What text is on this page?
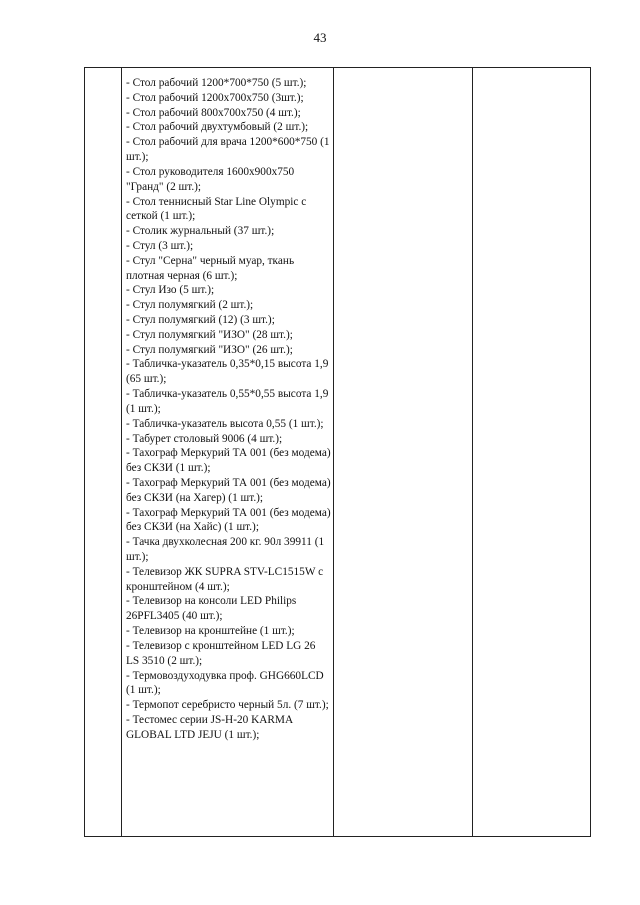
43

- Стол рабочий 1200*700*750 (5 шт.);
- Стол рабочий 1200х700х750 (3шт.);
- Стол рабочий 800х700х750 (4 шт.);
- Стол рабочий двухтумбовый (2 шт.);
- Стол рабочий для врача 1200*600*750 (1 шт.);
- Стол руководителя 1600х900х750 "Гранд" (2 шт.);
- Стол теннисный Star Line Olympic с сеткой (1 шт.);
- Столик журнальный (37 шт.);
- Стул (3 шт.);
- Стул "Серна" черный муар, ткань плотная черная (6 шт.);
- Стул Изо (5 шт.);
- Стул полумягкий (2 шт.);
- Стул полумягкий (12) (3 шт.);
- Стул полумягкий "ИЗО" (28 шт.);
- Стул полумягкий "ИЗО" (26 шт.);
- Табличка-указатель 0,35*0,15 высота 1,9 (65 шт.);
- Табличка-указатель 0,55*0,55 высота 1,9 (1 шт.);
- Табличка-указатель высота 0,55 (1 шт.);
- Табурет столовый 9006 (4 шт.);
- Тахограф Меркурий ТА 001 (без модема) без СКЗИ (1 шт.);
- Тахограф Меркурий ТА 001 (без модема) без СКЗИ (на Хагер) (1 шт.);
- Тахограф Меркурий ТА 001 (без модема) без СКЗИ (на Хайс) (1 шт.);
- Тачка двухколесная 200 кг. 90л 39911 (1 шт.);
- Телевизор ЖК SUPRA STV-LC1515W с кронштейном (4 шт.);
- Телевизор на консоли LED Philips 26PFL3405 (40 шт.);
- Телевизор на кронштейне (1 шт.);
- Телевизор с кронштейном LED LG 26 LS 3510 (2 шт.);
- Термовоздуходувка проф. GHG660LCD (1 шт.);
- Термопот серебристо черный 5л. (7 шт.);
- Тестомес серии JS-H-20 KARMA GLOBAL LTD JEJU (1 шт.);
